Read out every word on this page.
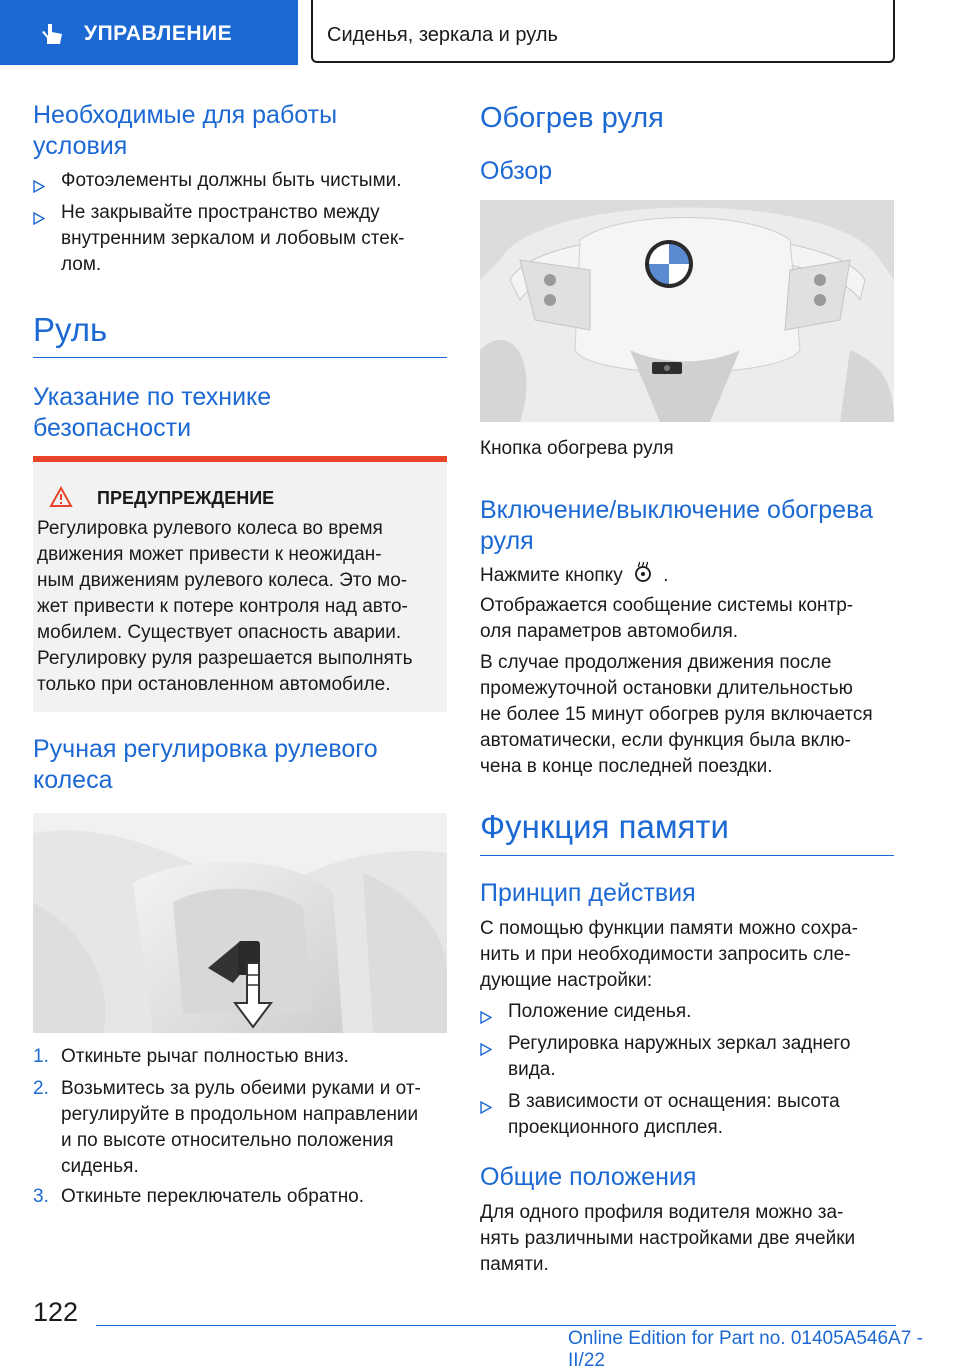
УПРАВЛЕНИЕ	Сиденья, зеркала и руль
Необходимые для работы
условия
Фотоэлементы должны быть чистыми.
Не закрывайте пространство между
внутренним зеркалом и лобовым стек-
лом.
Руль
Указание по технике
безопасности
ПРЕДУПРЕЖДЕНИЕ
Регулировка рулевого колеса во время
движения может привести к неожидан-
ным движениям рулевого колеса. Это мо-
жет привести к потере контроля над авто-
мобилем. Существует опасность аварии.
Регулировку руля разрешается выполнять
только при остановленном автомобиле.
Ручная регулировка рулевого
колеса
1. Откиньте рычаг полностью вниз.
2. Возьмитесь за руль обеими руками и от-
регулируйте в продольном направлении
и по высоте относительно положения
сиденья.
3. Откиньте переключатель обратно.
Обогрев руля
Обзор
Кнопка обогрева руля
Включение/выключение обогрева
руля
Нажмите кнопку .
Отображается сообщение системы контр-
оля параметров автомобиля.
В случае продолжения движения после
промежуточной остановки длительностью
не более 15 минут обогрев руля включается
автоматически, если функция была вклю-
чена в конце последней поездки.
Функция памяти
Принцип действия
С помощью функции памяти можно сохра-
нить и при необходимости запросить сле-
дующие настройки:
Положение сиденья.
Регулировка наружных зеркал заднего
вида.
В зависимости от оснащения: высота
проекционного дисплея.
Общие положения
Для одного профиля водителя можно за-
нять различными настройками две ячейки
памяти.
122
Online Edition for Part no. 01405A546A7 - II/22
